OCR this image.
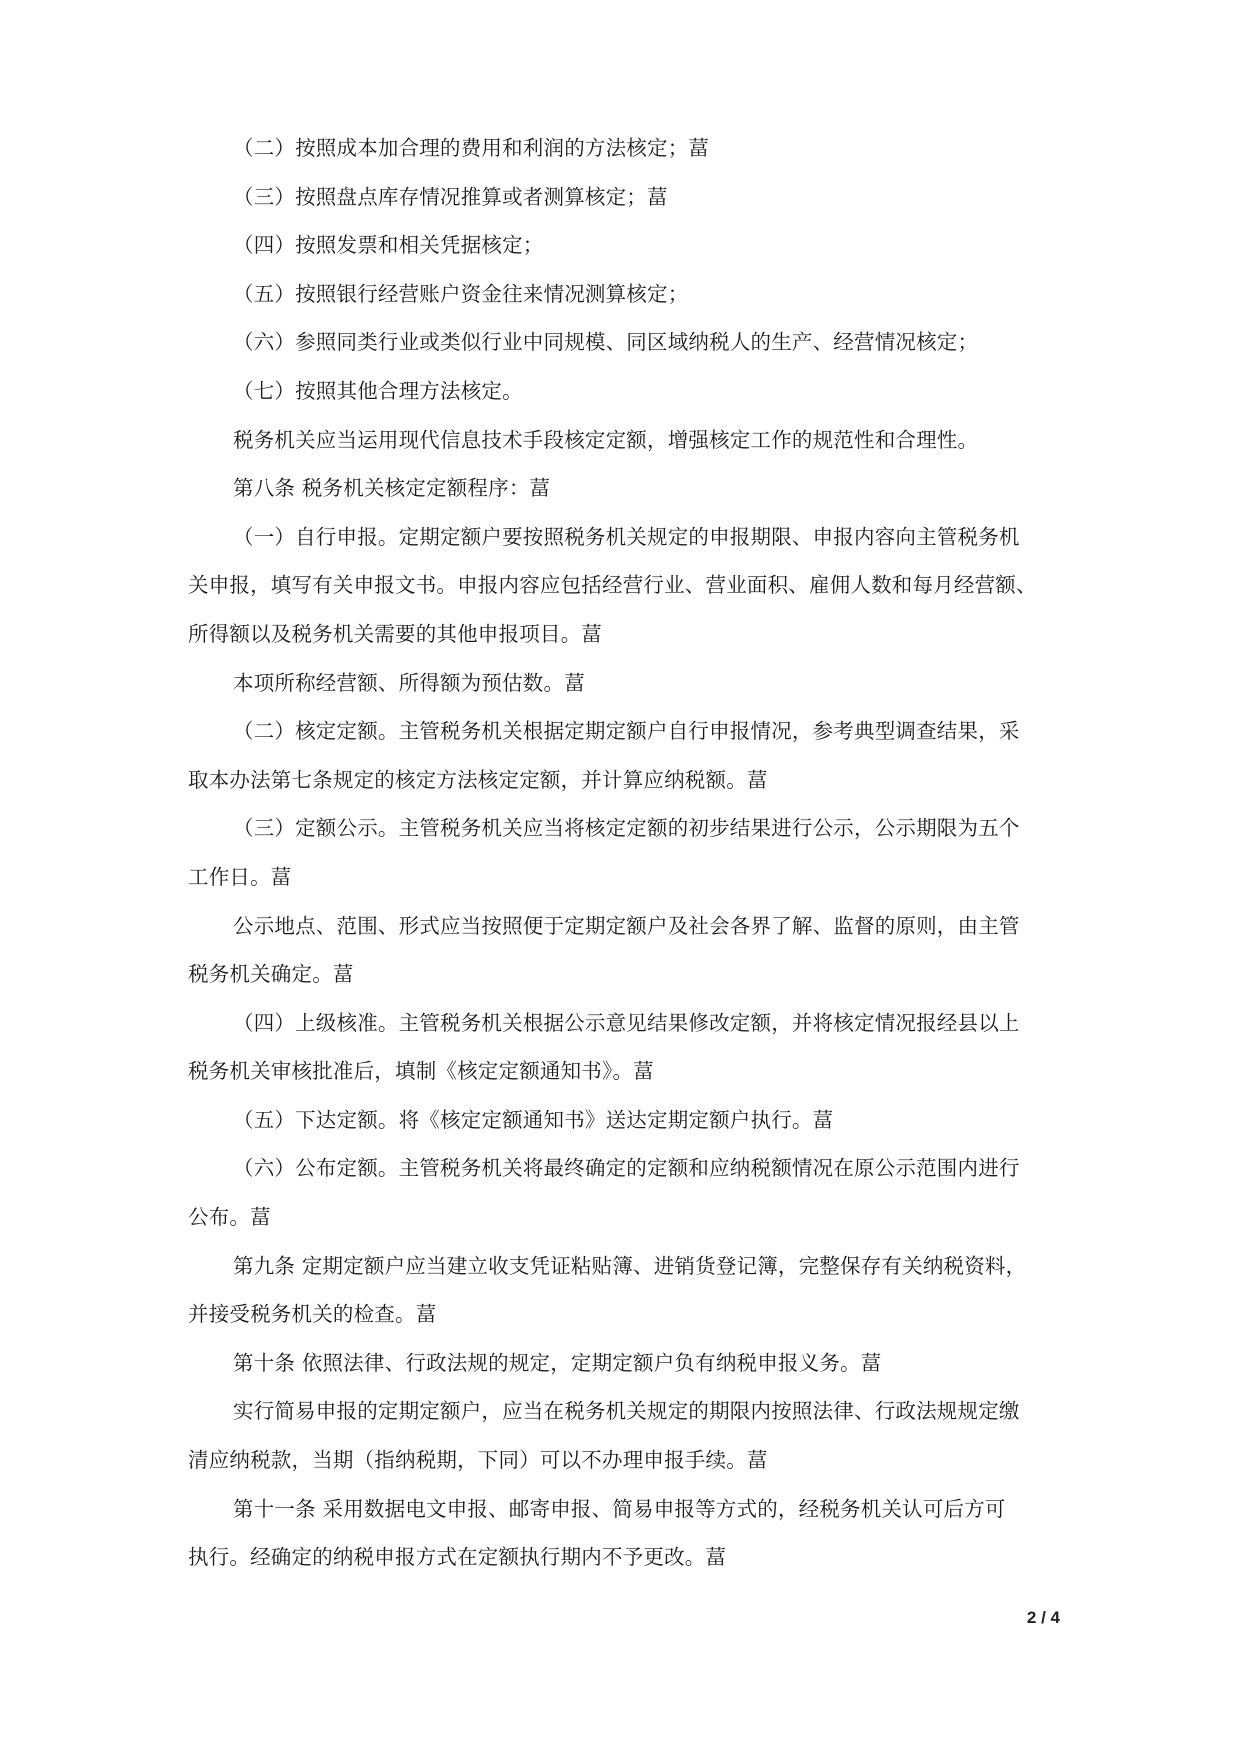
（二）按照成本加合理的费用和利润的方法核定；葍
（三）按照盘点库存情况推算或者测算核定；葍
（四）按照发票和相关凭据核定；
（五）按照银行经营账户资金往来情况测算核定；
（六）参照同类行业或类似行业中同规模、同区域纳税人的生产、经营情况核定；
（七）按照其他合理方法核定。
税务机关应当运用现代信息技术手段核定定额，增强核定工作的规范性和合理性。
第八条 税务机关核定定额程序：葍
（一）自行申报。定期定额户要按照税务机关规定的申报期限、申报内容向主管税务机
关申报，填写有关申报文书。申报内容应包括经营行业、营业面积、雇佣人数和每月经营额、
所得额以及税务机关需要的其他申报项目。葍
本项所称经营额、所得额为预估数。葍
（二）核定定额。主管税务机关根据定期定额户自行申报情况，参考典型调查结果，采
取本办法第七条规定的核定方法核定定额，并计算应纳税额。葍
（三）定额公示。主管税务机关应当将核定定额的初步结果进行公示，公示期限为五个
工作日。葍
公示地点、范围、形式应当按照便于定期定额户及社会各界了解、监督的原则，由主管
税务机关确定。葍
（四）上级核准。主管税务机关根据公示意见结果修改定额，并将核定情况报经县以上
税务机关审核批准后，填制《核定定额通知书》。葍
（五）下达定额。将《核定定额通知书》送达定期定额户执行。葍
（六）公布定额。主管税务机关将最终确定的定额和应纳税额情况在原公示范围内进行
公布。葍
第九条 定期定额户应当建立收支凭证粘贴簿、进销货登记簿，完整保存有关纳税资料，
并接受税务机关的检查。葍
第十条 依照法律、行政法规的规定，定期定额户负有纳税申报义务。葍
实行简易申报的定期定额户，应当在税务机关规定的期限内按照法律、行政法规规定缴
清应纳税款，当期（指纳税期，下同）可以不办理申报手续。葍
第十一条 采用数据电文申报、邮寄申报、简易申报等方式的，经税务机关认可后方可
执行。经确定的纳税申报方式在定额执行期内不予更改。葍
2 / 4
